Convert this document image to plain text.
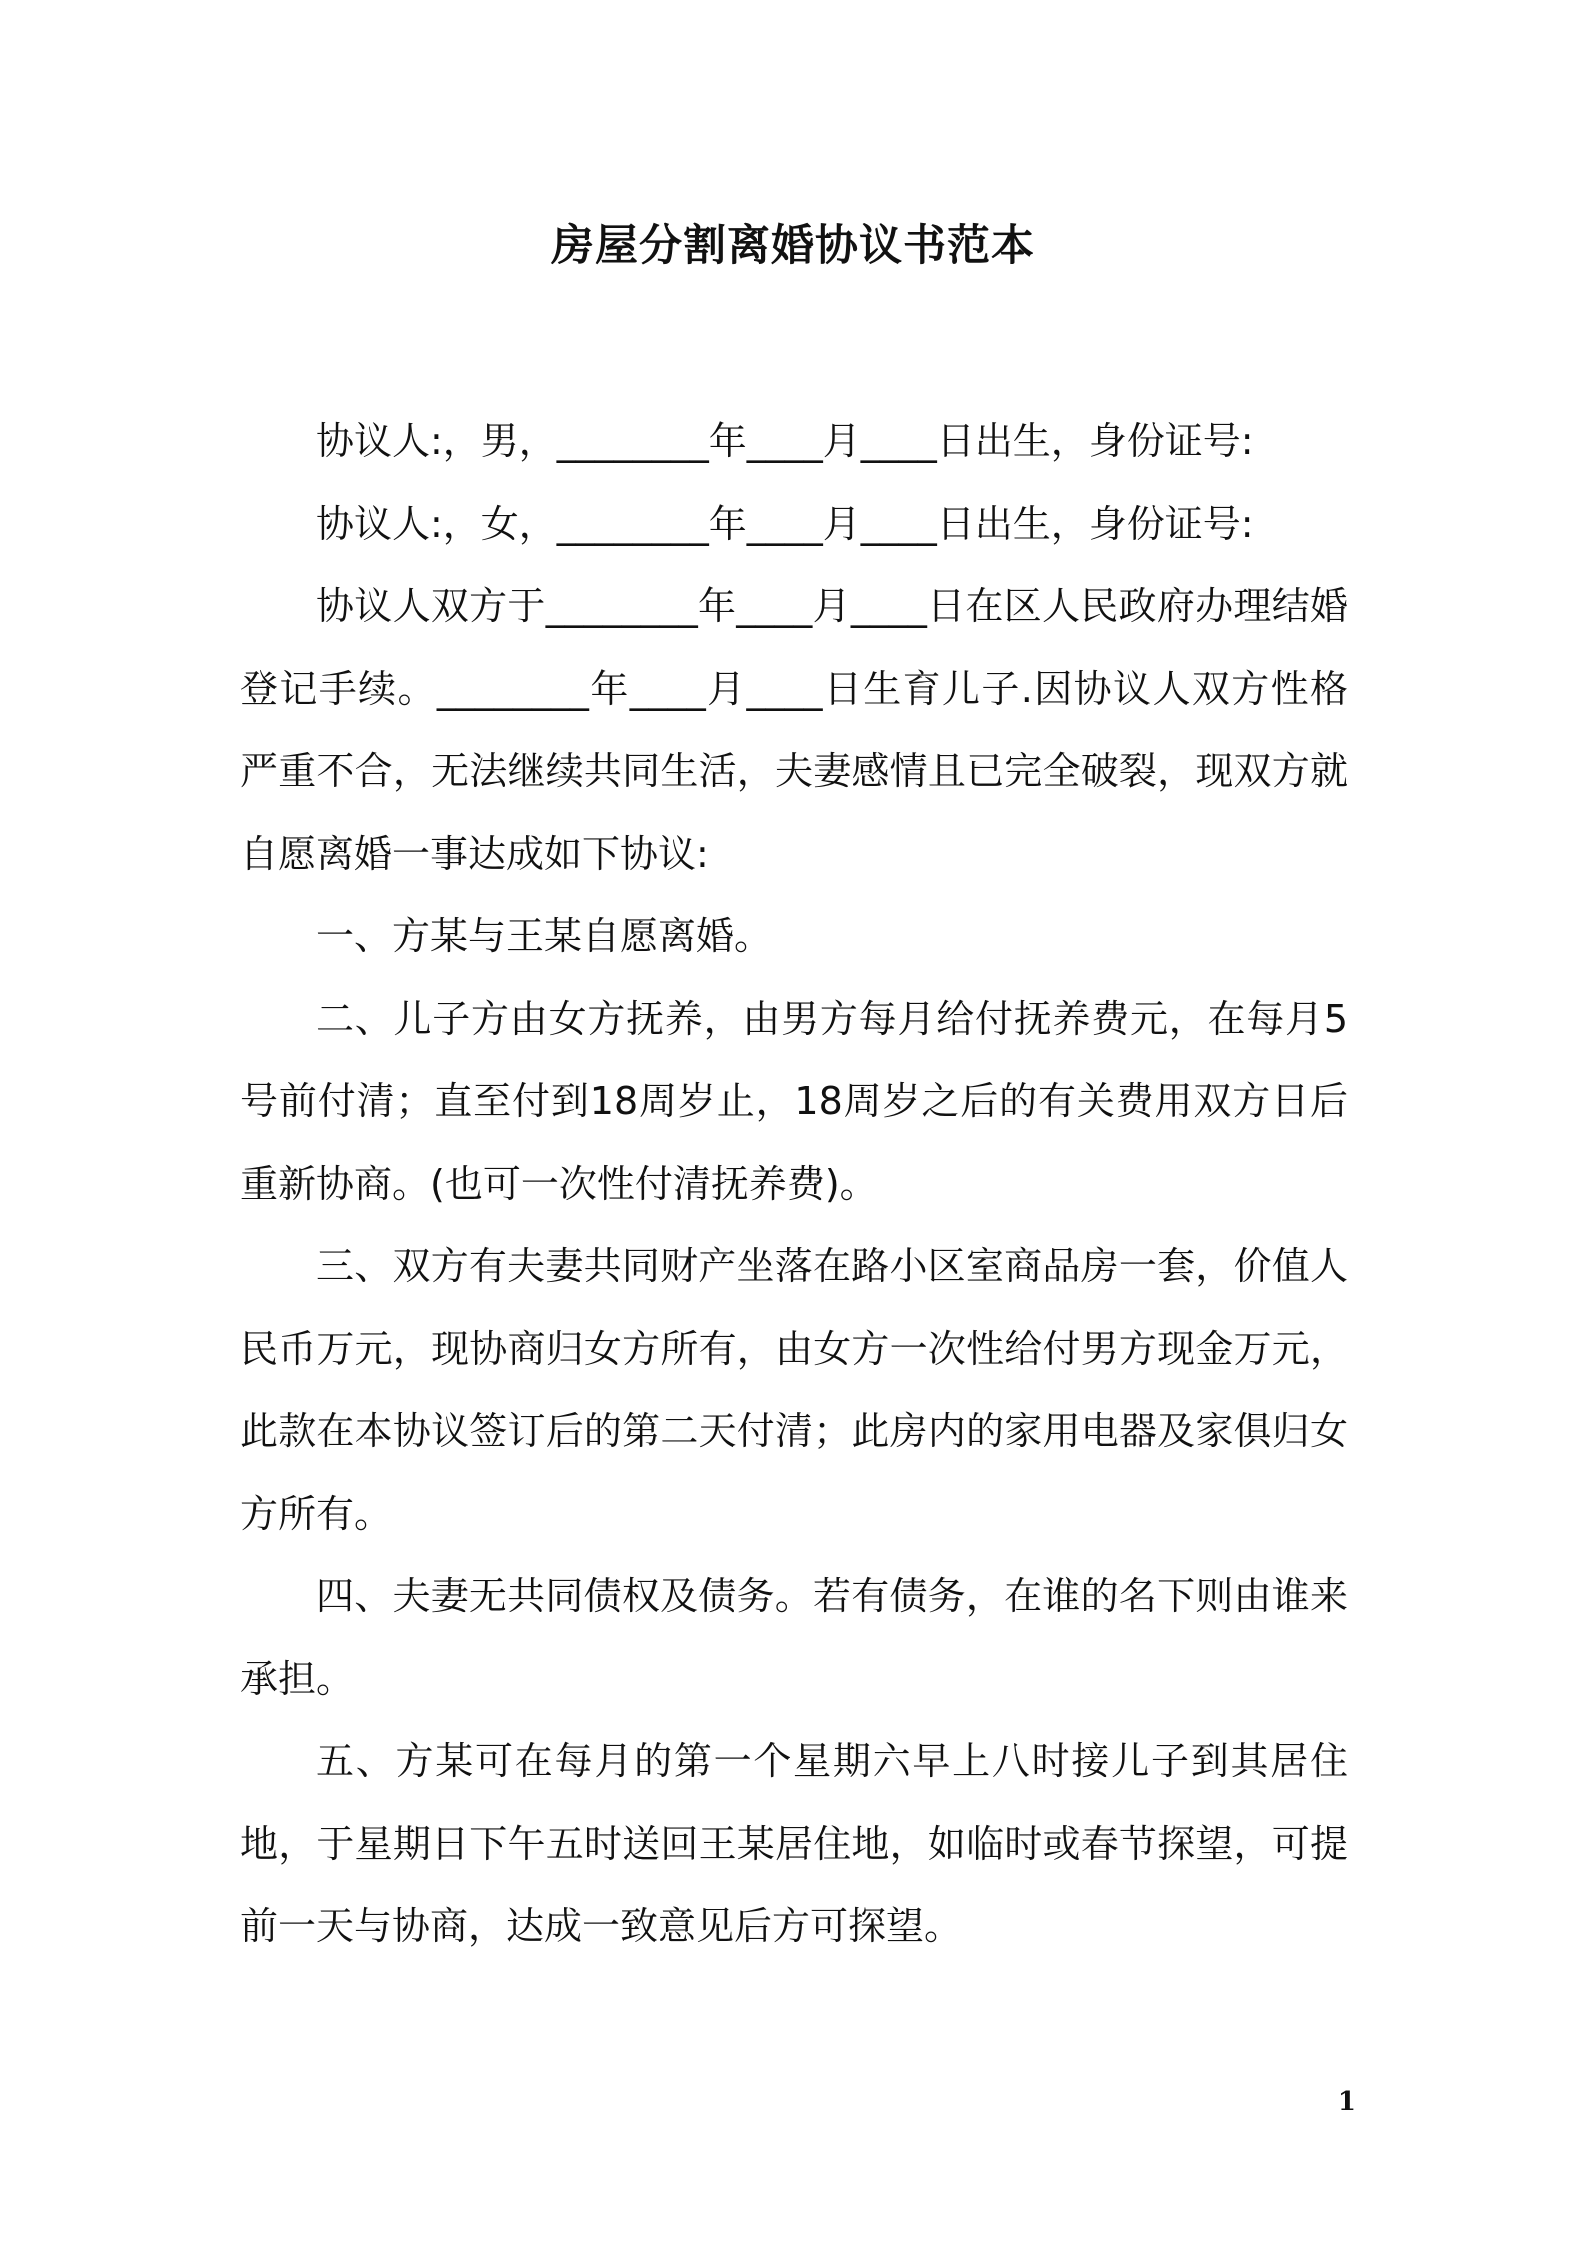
房屋分割离婚协议书范本

协议人:，男，________年____月____日出生，身份证号:

协议人:，女，________年____月____日出生，身份证号:

协议人双方于________年____月____日在区人民政府办理结婚登记手续。________年____月____日生育儿子.因协议人双方性格严重不合，无法继续共同生活，夫妻感情且已完全破裂，现双方就自愿离婚一事达成如下协议:

一、方某与王某自愿离婚。

二、儿子方由女方抚养，由男方每月给付抚养费元，在每月5号前付清；直至付到18周岁止，18周岁之后的有关费用双方日后重新协商。(也可一次性付清抚养费)。

三、双方有夫妻共同财产坐落在路小区室商品房一套，价值人民币万元，现协商归女方所有，由女方一次性给付男方现金万元，此款在本协议签订后的第二天付清；此房内的家用电器及家俱归女方所有。

四、夫妻无共同债权及债务。若有债务，在谁的名下则由谁来承担。

五、方某可在每月的第一个星期六早上八时接儿子到其居住地，于星期日下午五时送回王某居住地，如临时或春节探望，可提前一天与协商，达成一致意见后方可探望。

1
